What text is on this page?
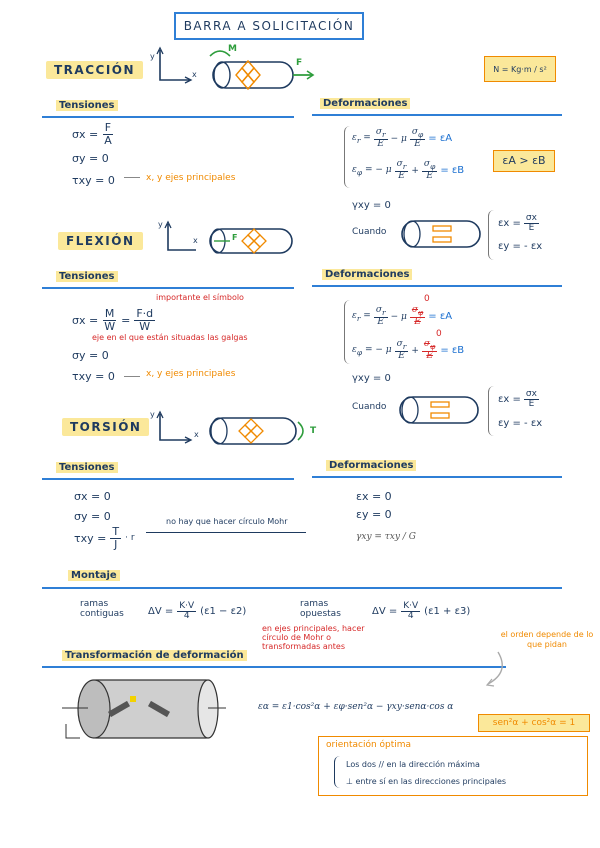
BARRA A SOLICITACIÓN
TRACCIÓN
y
x
M
F
N = Kg·m / s²
Tensiones	Deformaciones
$\sigma x = \frac{F}{A}$
σy = 0
τxy = 0	x, y ejes principales
$\varepsilon_r = \frac{\sigma_r}{E} - \mu \frac{\sigma_\varphi}{E} = \varepsilon A$
$\varepsilon_\varphi$ = − μ $\frac{\sigma_r}{E} + \frac{\sigma_\varphi}{E} = \varepsilon B$
εA > εB
γxy = 0
Cuando
$\varepsilon x = \frac{\sigma x}{E}$
εy = - εx
FLEXIÓN
y
x	F
Tensiones	Deformaciones
importante el símbolo
$\sigma x = \frac{M}{W} = \frac{F\cdot d}{W}$
eje en el que están situadas las galgas
σy = 0
τxy = 0	x, y ejes principales
$\varepsilon_r = \frac{\sigma_r}{E} - \mu \frac{\sigma_\varphi}{E} = \varepsilon A$
0
$\varepsilon_\varphi$ = − μ $\frac{\sigma_r}{E} + \frac{\sigma_\varphi}{E} = \varepsilon B$
0
γxy = 0
Cuando
$\varepsilon x = \frac{\sigma x}{E}$
εy = - εx
TORSIÓN
y
x	T
Tensiones	Deformaciones
σx = 0
σy = 0
$\tau xy = \frac{T}{J} \cdot r$
no hay que hacer círculo Mohr
εx = 0
εy = 0
γxy = τxy / G
Montaje
ramas contiguas	$\Delta V = \frac{K\cdot V}{4} (\varepsilon 1 - \varepsilon 2)$
ramas opuestas	$\Delta V = \frac{K\cdot V}{4} (\varepsilon 1 + \varepsilon 3)$
en ejes principales, hacer círculo de Mohr o transformadas antes
el orden depende de lo que pidan
Transformación de deformación
εα = ε1·cos²α + εφ·sen²α − γxy·senα·cos α
sen²α + cos²α = 1
orientación óptima
Los dos // en la dirección máxima
⊥ entre sí en las direcciones principales
